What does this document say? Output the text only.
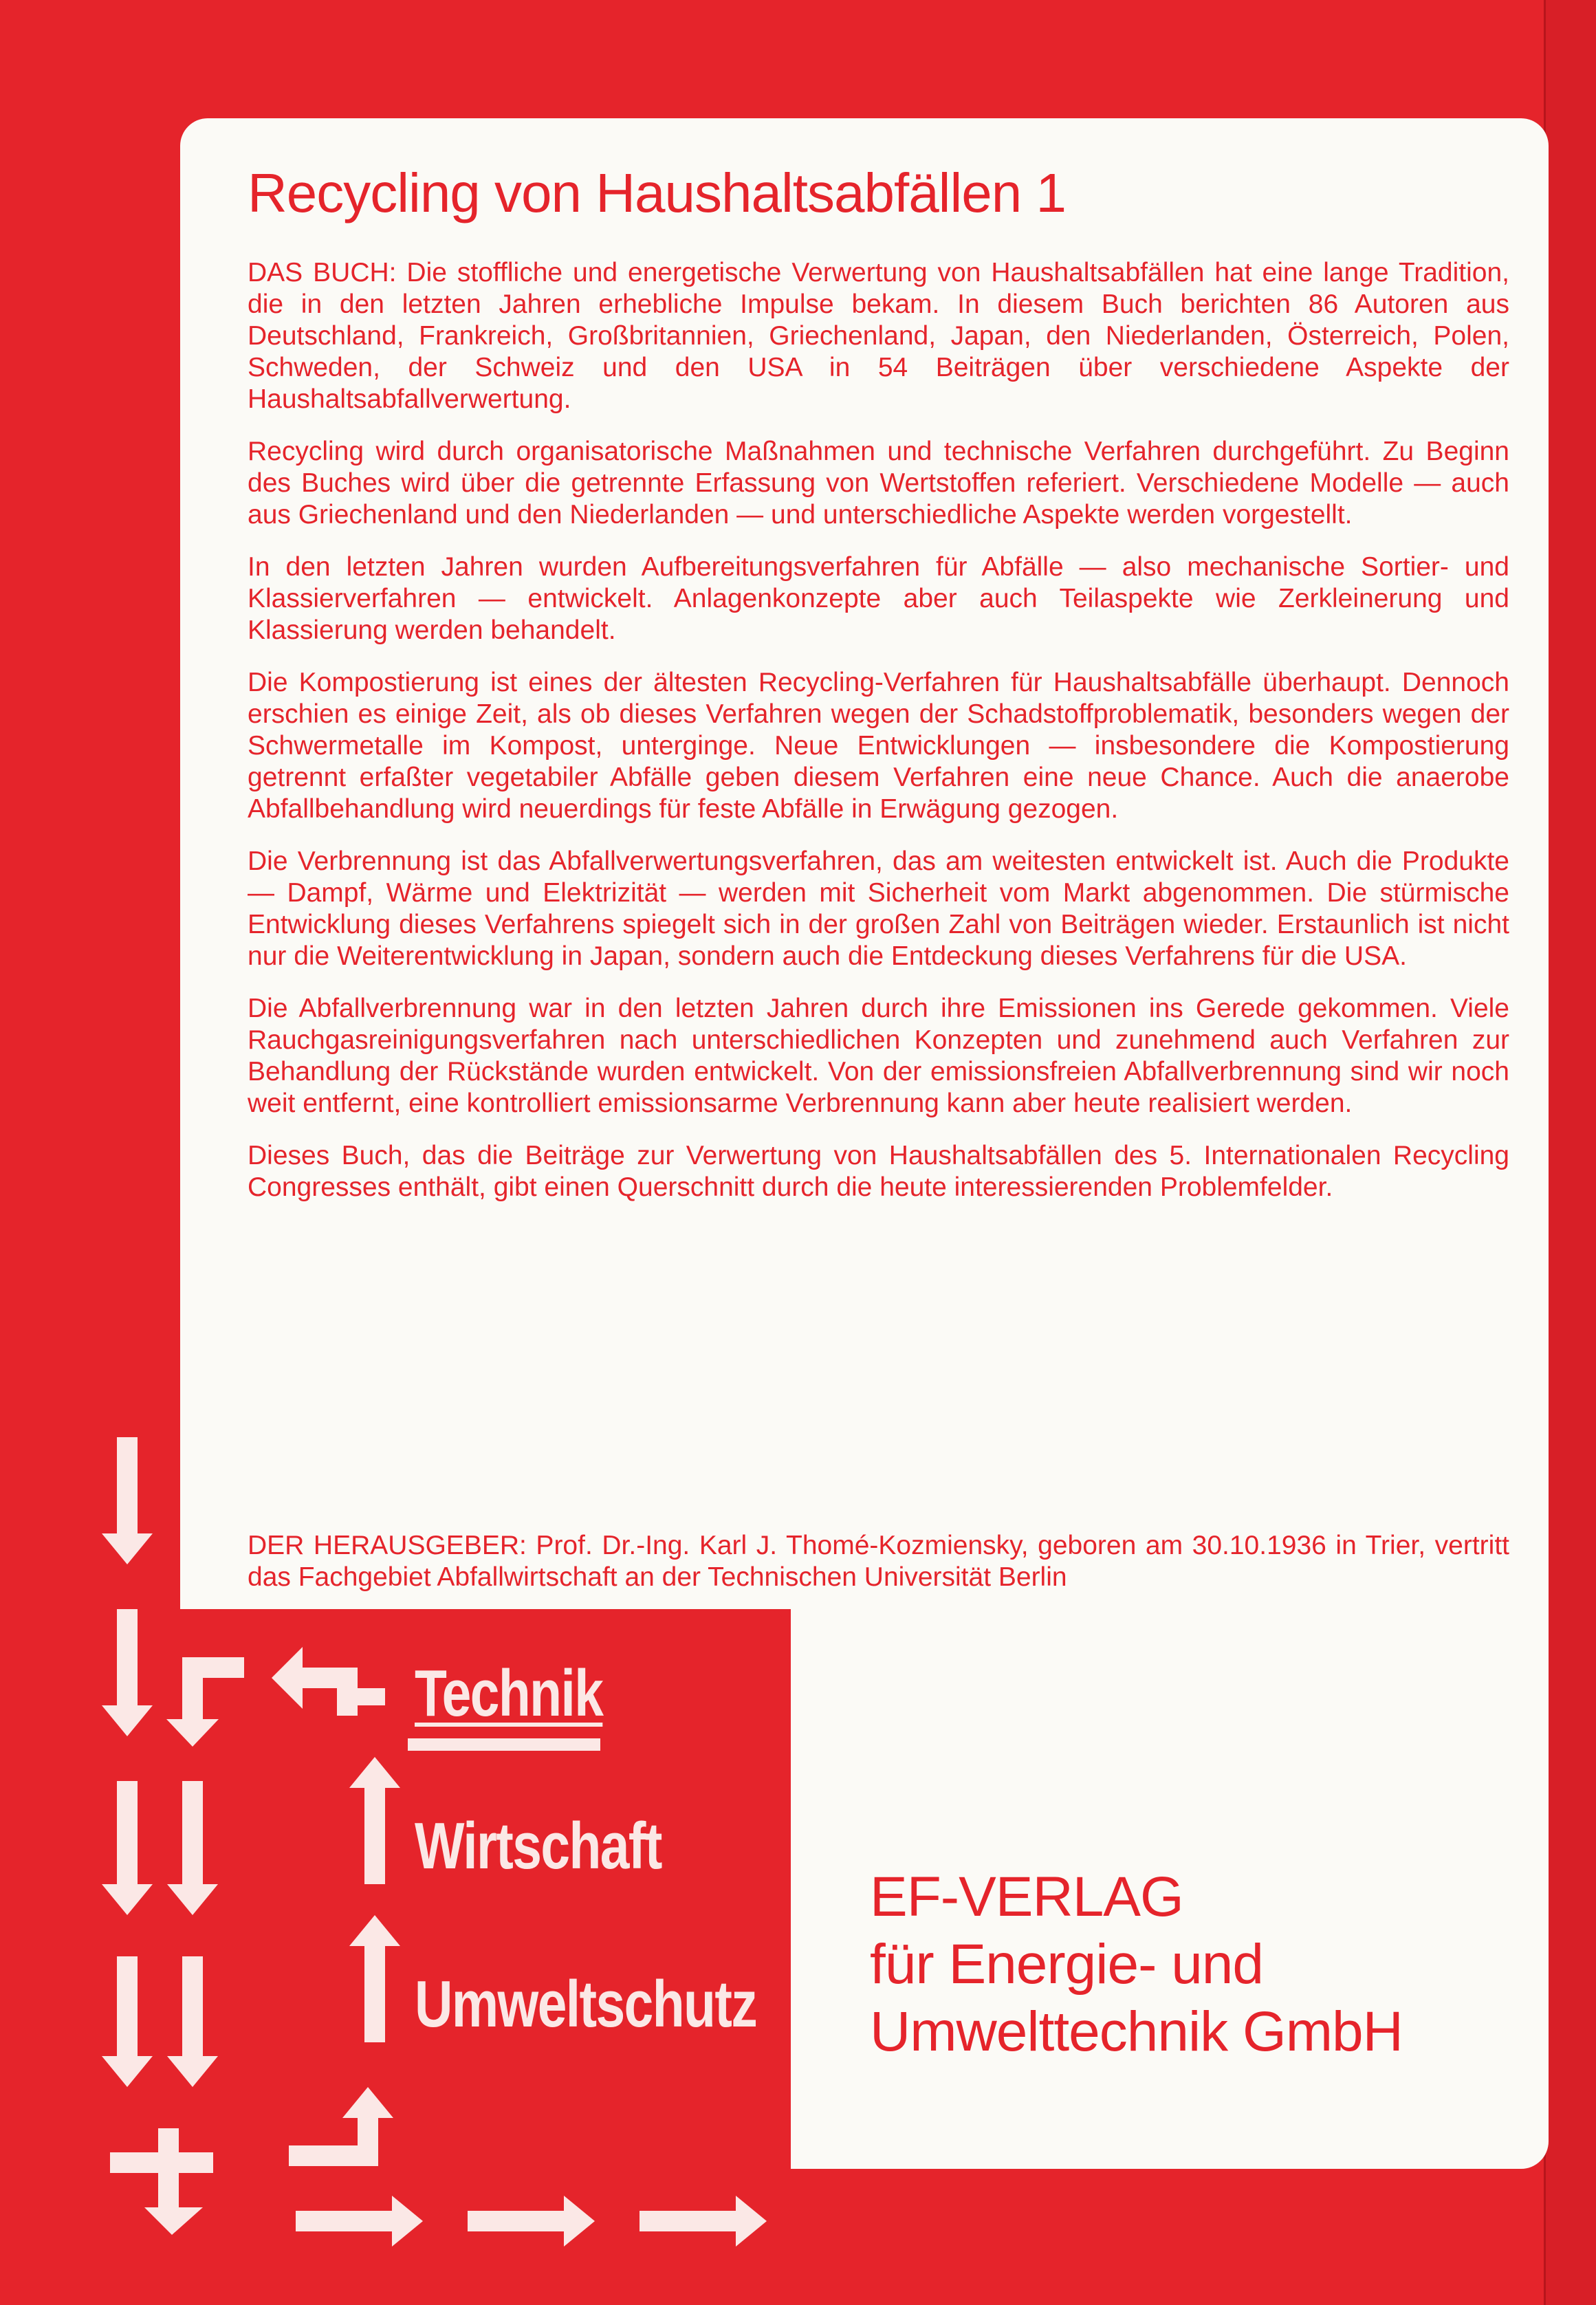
Recycling von Haushaltsabfällen 1

DAS BUCH: Die stoffliche und energetische Verwertung von Haushaltsabfällen hat eine lange Tradition, die in den letzten Jahren erhebliche Impulse bekam. In diesem Buch berichten 86 Autoren aus Deutschland, Frankreich, Großbritannien, Griechenland, Japan, den Niederlanden, Österreich, Polen, Schweden, der Schweiz und den USA in 54 Beiträgen über verschiedene Aspekte der Haushaltsabfallverwertung.

Recycling wird durch organisatorische Maßnahmen und technische Verfahren durchgeführt. Zu Beginn des Buches wird über die getrennte Erfassung von Wertstoffen referiert. Verschiedene Modelle — auch aus Griechenland und den Niederlanden — und unterschiedliche Aspekte werden vorgestellt.

In den letzten Jahren wurden Aufbereitungsverfahren für Abfälle — also mechanische Sortier- und Klassierverfahren — entwickelt. Anlagenkonzepte aber auch Teilaspekte wie Zerkleinerung und Klassierung werden behandelt.

Die Kompostierung ist eines der ältesten Recycling-Verfahren für Haushaltsabfälle überhaupt. Dennoch erschien es einige Zeit, als ob dieses Verfahren wegen der Schadstoffproblematik, besonders wegen der Schwermetalle im Kompost, unterginge. Neue Entwicklungen — insbesondere die Kompostierung getrennt erfaßter vegetabiler Abfälle geben diesem Verfahren eine neue Chance. Auch die anaerobe Abfallbehandlung wird neuerdings für feste Abfälle in Erwägung gezogen.

Die Verbrennung ist das Abfallverwertungsverfahren, das am weitesten entwickelt ist. Auch die Produkte — Dampf, Wärme und Elektrizität — werden mit Sicherheit vom Markt abgenommen. Die stürmische Entwicklung dieses Verfahrens spiegelt sich in der großen Zahl von Beiträgen wieder. Erstaunlich ist nicht nur die Weiterentwicklung in Japan, sondern auch die Entdeckung dieses Verfahrens für die USA.

Die Abfallverbrennung war in den letzten Jahren durch ihre Emissionen ins Gerede gekommen. Viele Rauchgasreinigungsverfahren nach unterschiedlichen Konzepten und zunehmend auch Verfahren zur Behandlung der Rückstände wurden entwickelt. Von der emissionsfreien Abfallverbrennung sind wir noch weit entfernt, eine kontrolliert emissionsarme Verbrennung kann aber heute realisiert werden.

Dieses Buch, das die Beiträge zur Verwertung von Haushaltsabfällen des 5. Internationalen Recycling Congresses enthält, gibt einen Querschnitt durch die heute interessierenden Problemfelder.

DER HERAUSGEBER: Prof. Dr.-Ing. Karl J. Thomé-Kozmiensky, geboren am 30.10.1936 in Trier, vertritt das Fachgebiet Abfallwirtschaft an der Technischen Universität Berlin
Technik
Wirtschaft
Umweltschutz
EF-VERLAG
für Energie- und
Umwelttechnik GmbH
